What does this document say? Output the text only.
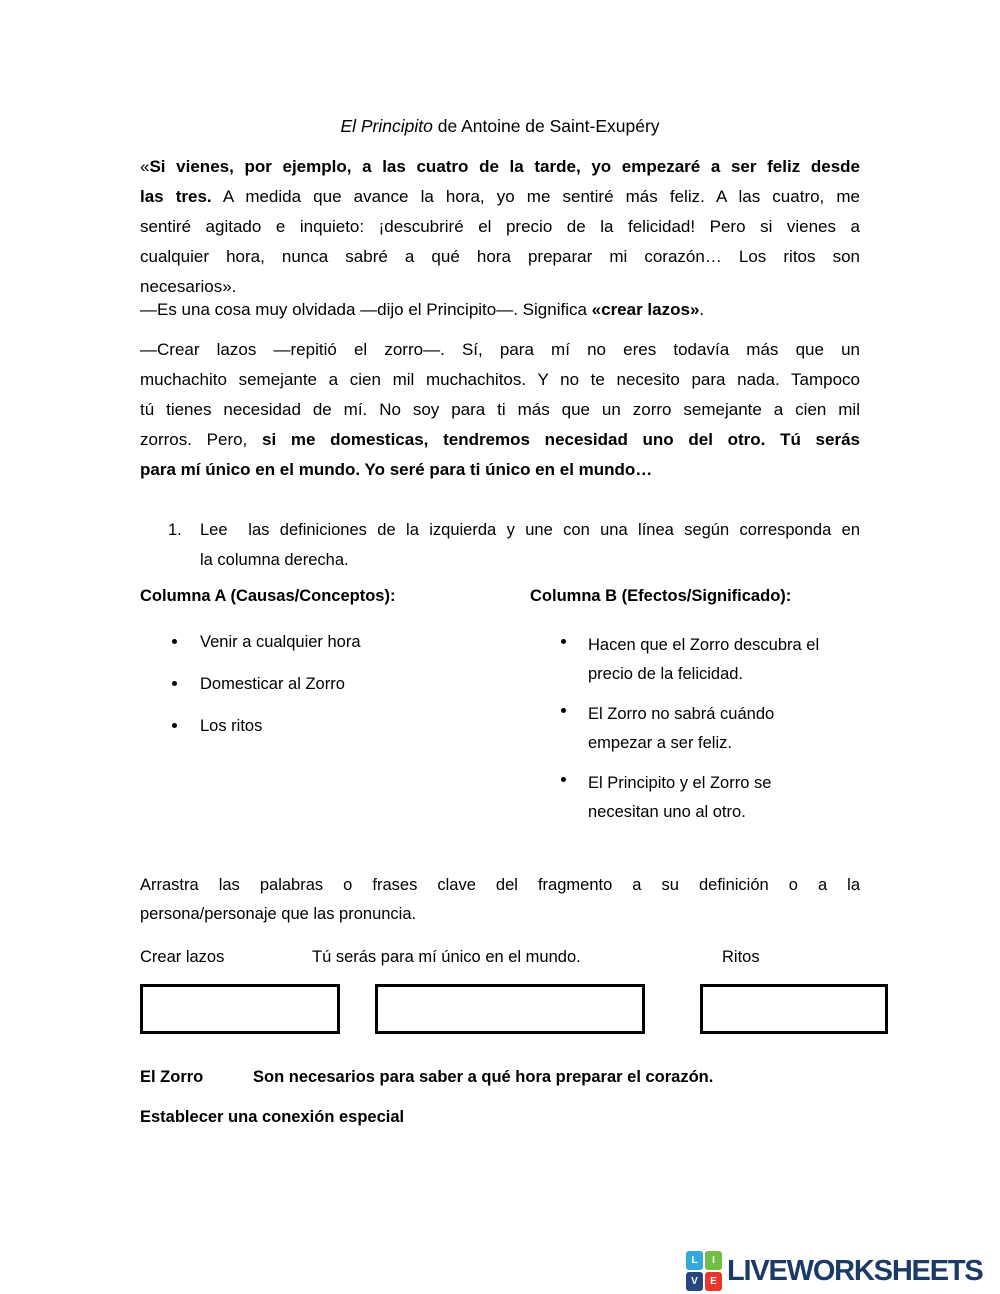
El Principito de Antoine de Saint-Exupéry
«Si vienes, por ejemplo, a las cuatro de la tarde, yo empezaré a ser feliz desde
las tres. A medida que avance la hora, yo me sentiré más feliz. A las cuatro, me
sentiré agitado e inquieto: ¡descubriré el precio de la felicidad! Pero si vienes a
cualquier hora, nunca sabré a qué hora preparar mi corazón… Los ritos son
necesarios».
—Es una cosa muy olvidada —dijo el Principito—. Significa «crear lazos».
—Crear lazos —repitió el zorro—. Sí, para mí no eres todavía más que un
muchachito semejante a cien mil muchachitos. Y no te necesito para nada. Tampoco
tú tienes necesidad de mí. No soy para ti más que un zorro semejante a cien mil
zorros. Pero, si me domesticas, tendremos necesidad uno del otro. Tú serás
para mí único en el mundo. Yo seré para ti único en el mundo…
1. Lee  las definiciones de la izquierda y une con una línea según corresponda en
la columna derecha.
Columna A (Causas/Conceptos):	Columna B (Efectos/Significado):
Venir a cualquier hora
Domesticar al Zorro
Los ritos
Hacen que el Zorro descubra el
precio de la felicidad.
El Zorro no sabrá cuándo
empezar a ser feliz.
El Principito y el Zorro se
necesitan uno al otro.
Arrastra las palabras o frases clave del fragmento a su definición o a la
persona/personaje que las pronuncia.
Crear lazos	Tú serás para mí único en el mundo.	Ritos
El Zorro	Son necesarios para saber a qué hora preparar el corazón.
Establecer una conexión especial
L	I
V	E LIVEWORKSHEETS
